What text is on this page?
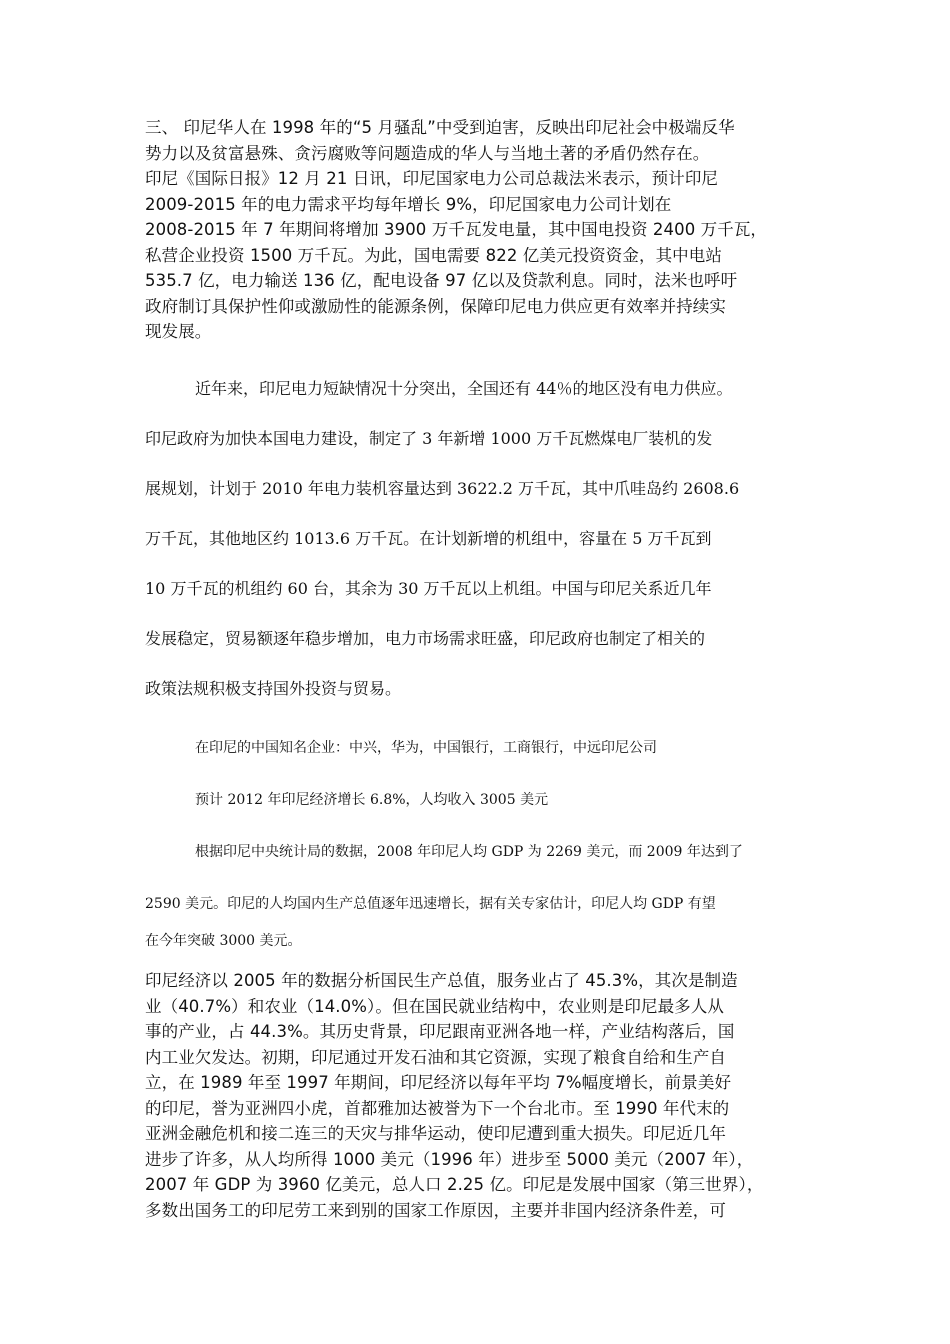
三、 印尼华人在 1998 年的“5 月骚乱”中受到迫害，反映出印尼社会中极端反华
势力以及贫富悬殊、贪污腐败等问题造成的华人与当地土著的矛盾仍然存在。
印尼《国际日报》12 月 21 日讯，印尼国家电力公司总裁法米表示，预计印尼
2009-2015 年的电力需求平均每年增长 9%，印尼国家电力公司计划在
2008-2015 年 7 年期间将增加 3900 万千瓦发电量，其中国电投资 2400 万千瓦，
私营企业投资 1500 万千瓦。为此，国电需要 822 亿美元投资资金，其中电站
535.7 亿，电力输送 136 亿，配电设备 97 亿以及贷款利息。同时，法米也呼吁
政府制订具保护性仰或激励性的能源条例，保障印尼电力供应更有效率并持续实
现发展。
近年来，印尼电力短缺情况十分突出，全国还有 44％的地区没有电力供应。
印尼政府为加快本国电力建设，制定了 3 年新增 1000 万千瓦燃煤电厂装机的发
展规划，计划于 2010 年电力装机容量达到 3622.2 万千瓦，其中爪哇岛约 2608.6
万千瓦，其他地区约 1013.6 万千瓦。在计划新增的机组中，容量在 5 万千瓦到
10 万千瓦的机组约 60 台，其余为 30 万千瓦以上机组。中国与印尼关系近几年
发展稳定，贸易额逐年稳步增加，电力市场需求旺盛，印尼政府也制定了相关的
政策法规积极支持国外投资与贸易。
在印尼的中国知名企业：中兴，华为，中国银行，工商银行，中远印尼公司
预计 2012 年印尼经济增长 6.8%，人均收入 3005 美元
根据印尼中央统计局的数据，2008 年印尼人均 GDP 为 2269 美元，而 2009 年达到了
2590 美元。印尼的人均国内生产总值逐年迅速增长，据有关专家估计，印尼人均 GDP 有望
在今年突破 3000 美元。
印尼经济以 2005 年的数据分析国民生产总值，服务业占了 45.3%，其次是制造
业（40.7%）和农业（14.0%）。但在国民就业结构中，农业则是印尼最多人从
事的产业，占 44.3%。其历史背景，印尼跟南亚洲各地一样，产业结构落后，国
内工业欠发达。初期，印尼通过开发石油和其它资源，实现了粮食自给和生产自
立，在 1989 年至 1997 年期间，印尼经济以每年平均 7%幅度增长，前景美好
的印尼，誉为亚洲四小虎，首都雅加达被誉为下一个台北市。至 1990 年代末的
亚洲金融危机和接二连三的天灾与排华运动，使印尼遭到重大损失。印尼近几年
进步了许多，从人均所得 1000 美元（1996 年）进步至 5000 美元（2007 年），
2007 年 GDP 为 3960 亿美元，总人口 2.25 亿。印尼是发展中国家（第三世界），
多数出国务工的印尼劳工来到别的国家工作原因，主要并非国内经济条件差，可
